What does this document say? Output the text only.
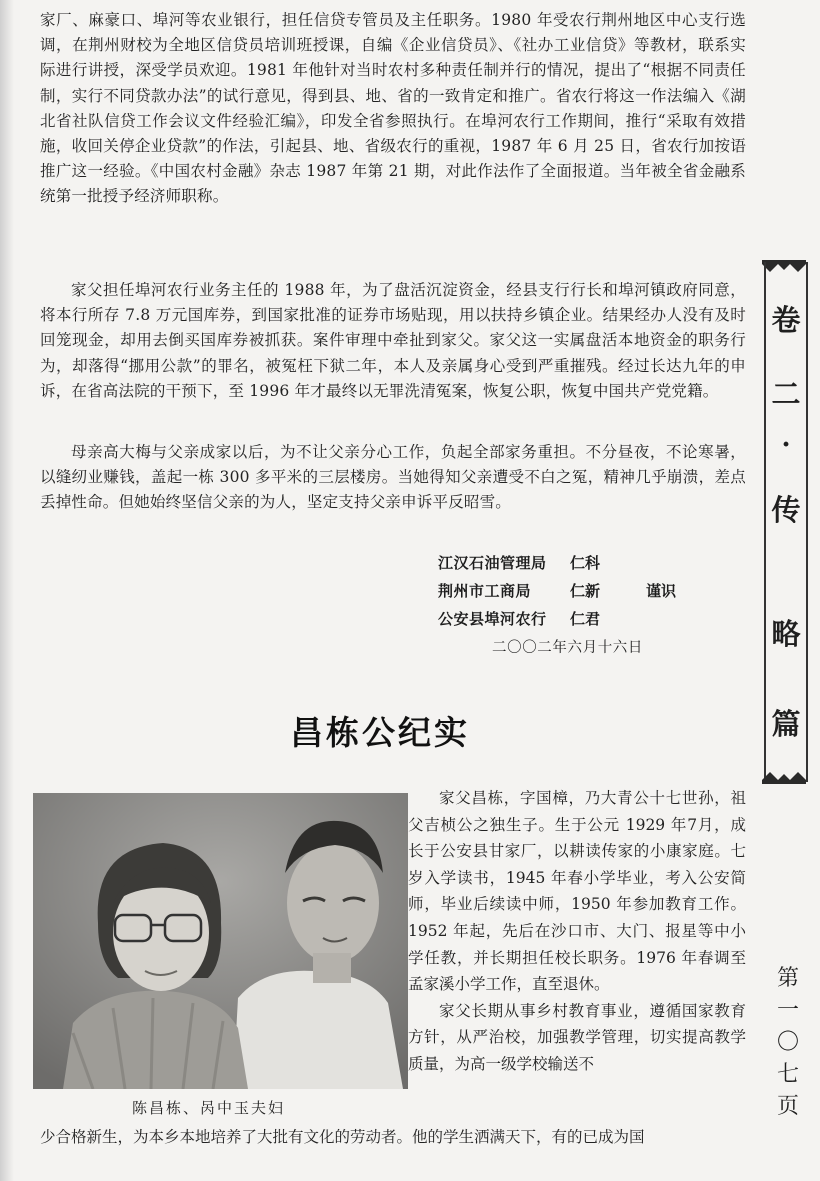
家厂、麻豪口、埠河等农业银行，担任信贷专管员及主任职务。1980 年受农行荆州地区中心支行选调，在荆州财校为全地区信贷员培训班授课，自编《企业信贷员》、《社办工业信贷》等教材，联系实际进行讲授，深受学员欢迎。1981 年他针对当时农村多种责任制并行的情况，提出了“根据不同责任制，实行不同贷款办法”的试行意见，得到县、地、省的一致肯定和推广。省农行将这一作法编入《湖北省社队信贷工作会议文件经验汇编》，印发全省参照执行。在埠河农行工作期间，推行“采取有效措施，收回关停企业贷款”的作法，引起县、地、省级农行的重视，1987 年 6 月 25 日，省农行加按语推广这一经验。《中国农村金融》杂志 1987 年第 21 期，对此作法作了全面报道。当年被全省金融系统第一批授予经济师职称。

家父担任埠河农行业务主任的 1988 年，为了盘活沉淀资金，经县支行行长和埠河镇政府同意，将本行所存 7.8 万元国库券，到国家批准的证券市场贴现，用以扶持乡镇企业。结果经办人没有及时回笼现金，却用去倒买国库券被抓获。案件审理中牵扯到家父。家父这一实属盘活本地资金的职务行为，却落得“挪用公款”的罪名，被冤枉下狱二年，本人及亲属身心受到严重摧残。经过长达九年的申诉，在省高法院的干预下，至 1996 年才最终以无罪洗清冤案，恢复公职，恢复中国共产党党籍。

母亲高大梅与父亲成家以后，为不让父亲分心工作，负起全部家务重担。不分昼夜，不论寒暑，以缝纫业赚钱，盖起一栋 300 多平米的三层楼房。当她得知父亲遭受不白之冤，精神几乎崩溃，差点丢掉性命。但她始终坚信父亲的为人，坚定支持父亲申诉平反昭雪。

江汉石油管理局 仁科
荆州市工商局	仁新	谨识
公安县埠河农行 仁君
二〇〇二年六月十六日
昌栋公纪实
陈昌栋、呙中玉夫妇

家父昌栋，字国樟，乃大青公十七世孙，祖父吉桢公之独生子。生于公元 1929 年7月，成长于公安县甘家厂，以耕读传家的小康家庭。七岁入学读书，1945 年春小学毕业，考入公安简师，毕业后续读中师，1950 年参加教育工作。1952 年起，先后在沙口市、大门、报星等中小学任教，并长期担任校长职务。1976 年春调至孟家溪小学工作，直至退休。

家父长期从事乡村教育事业，遵循国家教育方针，从严治校，加强教学管理，切实提高教学质量，为高一级学校输送不

少合格新生，为本乡本地培养了大批有文化的劳动者。他的学生洒满天下，有的已成为国

卷
二
·
传
略
篇
第
一
〇
七
页
